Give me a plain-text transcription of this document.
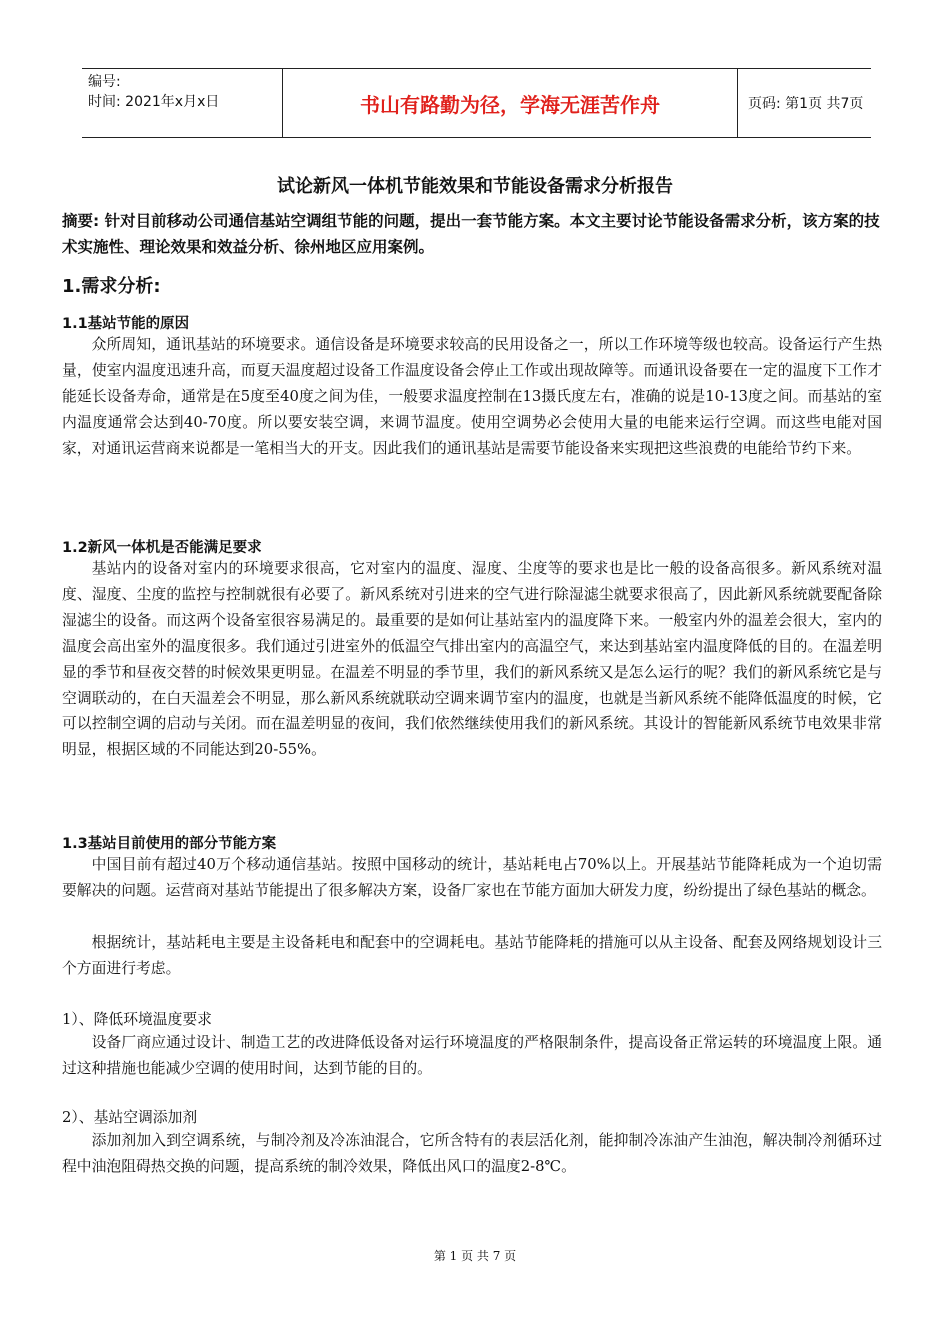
编号:
时间: 2021年x月x日	书山有路勤为径，学海无涯苦作舟	页码: 第1页 共7页
试论新风一体机节能效果和节能设备需求分析报告
摘要: 针对目前移动公司通信基站空调组节能的问题，提出一套节能方案。本文主要讨论节能设备需求分析，该方案的技术实施性、理论效果和效益分析、徐州地区应用案例。
1.需求分析:
1.1基站节能的原因
众所周知，通讯基站的环境要求。通信设备是环境要求较高的民用设备之一，所以工作环境等级也较高。设备运行产生热量，使室内温度迅速升高，而夏天温度超过设备工作温度设备会停止工作或出现故障等。而通讯设备要在一定的温度下工作才能延长设备寿命，通常是在5度至40度之间为佳，一般要求温度控制在13摄氏度左右，准确的说是10-13度之间。而基站的室内温度通常会达到40-70度。所以要安装空调，来调节温度。使用空调势必会使用大量的电能来运行空调。而这些电能对国家，对通讯运营商来说都是一笔相当大的开支。因此我们的通讯基站是需要节能设备来实现把这些浪费的电能给节约下来。
1.2新风一体机是否能满足要求
基站内的设备对室内的环境要求很高，它对室内的温度、湿度、尘度等的要求也是比一般的设备高很多。新风系统对温度、湿度、尘度的监控与控制就很有必要了。新风系统对引进来的空气进行除湿滤尘就要求很高了，因此新风系统就要配备除湿滤尘的设备。而这两个设备室很容易满足的。最重要的是如何让基站室内的温度降下来。一般室内外的温差会很大，室内的温度会高出室外的温度很多。我们通过引进室外的低温空气排出室内的高温空气，来达到基站室内温度降低的目的。在温差明显的季节和昼夜交替的时候效果更明显。在温差不明显的季节里，我们的新风系统又是怎么运行的呢？我们的新风系统它是与空调联动的，在白天温差会不明显，那么新风系统就联动空调来调节室内的温度，也就是当新风系统不能降低温度的时候，它可以控制空调的启动与关闭。而在温差明显的夜间，我们依然继续使用我们的新风系统。其设计的智能新风系统节电效果非常明显，根据区域的不同能达到20-55%。
1.3基站目前使用的部分节能方案
中国目前有超过40万个移动通信基站。按照中国移动的统计，基站耗电占70%以上。开展基站节能降耗成为一个迫切需要解决的问题。运营商对基站节能提出了很多解决方案，设备厂家也在节能方面加大研发力度，纷纷提出了绿色基站的概念。
根据统计，基站耗电主要是主设备耗电和配套中的空调耗电。基站节能降耗的措施可以从主设备、配套及网络规划设计三个方面进行考虑。
1）、降低环境温度要求
设备厂商应通过设计、制造工艺的改进降低设备对运行环境温度的严格限制条件，提高设备正常运转的环境温度上限。通过这种措施也能减少空调的使用时间，达到节能的目的。
2）、基站空调添加剂
添加剂加入到空调系统，与制冷剂及冷冻油混合，它所含特有的表层活化剂，能抑制冷冻油产生油泡，解决制冷剂循环过程中油泡阻碍热交换的问题，提高系统的制冷效果，降低出风口的温度2-8℃。
第 1 页 共 7 页
